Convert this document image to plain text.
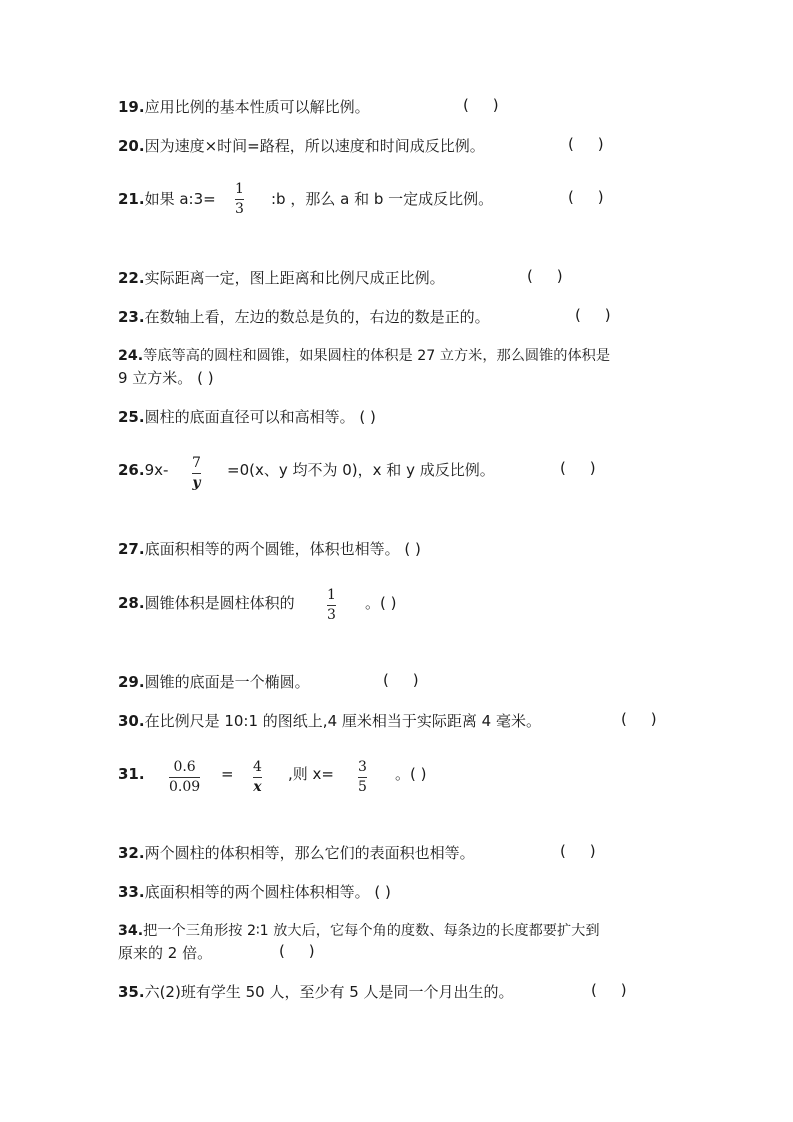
19.应用比例的基本性质可以解比例。	(     )
20.因为速度×时间=路程，所以速度和时间成反比例。	(     )
21.如果 a:3=
1
3
:b ，那么 a 和 b 一定成反比例。	(     )
22.实际距离一定，图上距离和比例尺成正比例。	(     )
23.在数轴上看，左边的数总是负的，右边的数是正的。	(     )
24.等底等高的圆柱和圆锥，如果圆柱的体积是 27 立方米，那么圆锥的体积是
9 立方米。 ( )
25.圆柱的底面直径可以和高相等。 ( )
26.9x- 7
y
=0(x、y 均不为 0)，x 和 y 成反比例。	(     )
27.底面积相等的两个圆锥，体积也相等。 ( )
28.圆锥体积是圆柱体积的 1
3
。( )
29.圆锥的底面是一个椭圆。	(     )
30.在比例尺是 10:1 的图纸上,4 厘米相当于实际距离 4 毫米。	(     )
31. 0.6
0.09
= 4
x
,则 x= 3
5
。( )
32.两个圆柱的体积相等，那么它们的表面积也相等。	(     )
33.底面积相等的两个圆柱体积相等。 ( )
34.把一个三角形按 2∶1 放大后，它每个角的度数、每条边的长度都要扩大到
原来的 2 倍。	(     )
35.六(2)班有学生 50 人，至少有 5 人是同一个月出生的。	(     )
